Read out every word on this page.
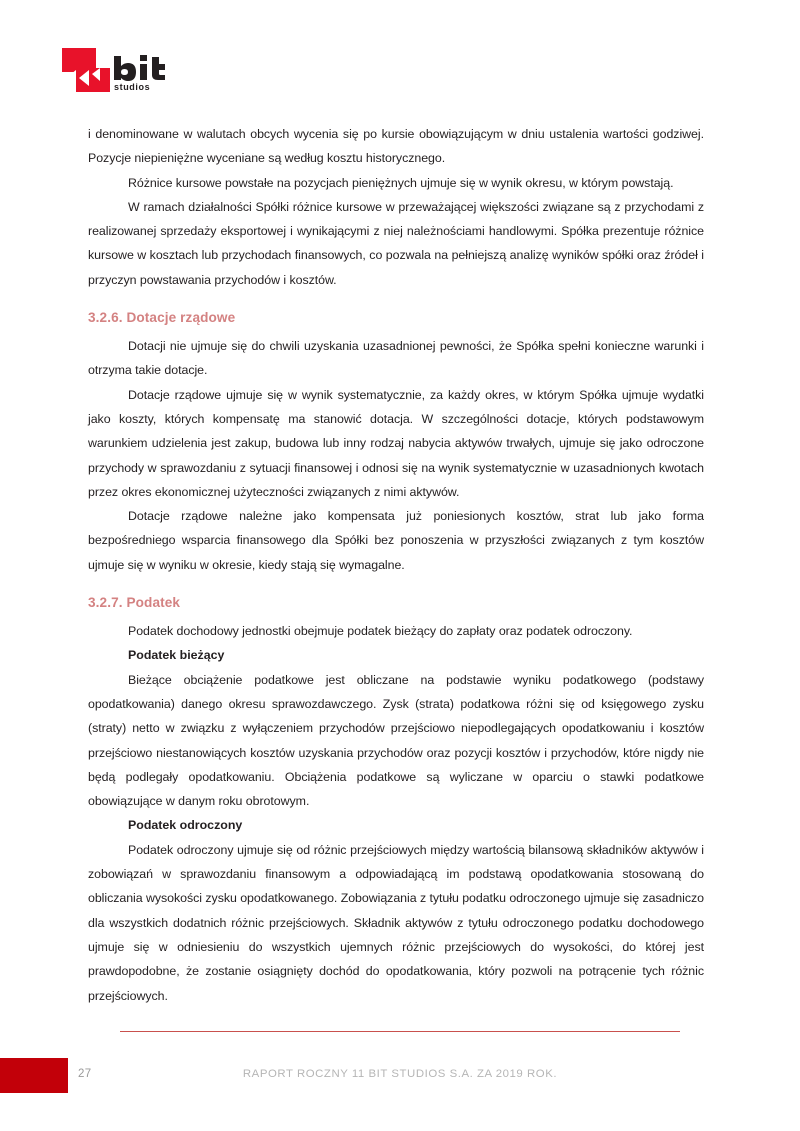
studios

i denominowane w walutach obcych wycenia się po kursie obowiązującym w dniu ustalenia wartości godziwej. Pozycje niepieniężne wyceniane są według kosztu historycznego.

Różnice kursowe powstałe na pozycjach pieniężnych ujmuje się w wynik okresu, w którym powstają.

W ramach działalności Spółki różnice kursowe w przeważającej większości związane są z przychodami z realizowanej sprzedaży eksportowej i wynikającymi z niej należnościami handlowymi. Spółka prezentuje różnice kursowe w kosztach lub przychodach finansowych, co pozwala na pełniejszą analizę wyników spółki oraz źródeł i przyczyn powstawania przychodów i kosztów.

3.2.6. Dotacje rządowe

Dotacji nie ujmuje się do chwili uzyskania uzasadnionej pewności, że Spółka spełni konieczne warunki i otrzyma takie dotacje.

Dotacje rządowe ujmuje się w wynik systematycznie, za każdy okres, w którym Spółka ujmuje wydatki jako koszty, których kompensatę ma stanowić dotacja. W szczególności dotacje, których podstawowym warunkiem udzielenia jest zakup, budowa lub inny rodzaj nabycia aktywów trwałych, ujmuje się jako odroczone przychody w sprawozdaniu z sytuacji finansowej i odnosi się na wynik systematycznie w uzasadnionych kwotach przez okres ekonomicznej użyteczności związanych z nimi aktywów.

Dotacje rządowe należne jako kompensata już poniesionych kosztów, strat lub jako forma bezpośredniego wsparcia finansowego dla Spółki bez ponoszenia w przyszłości związanych z tym kosztów ujmuje się w wyniku w okresie, kiedy stają się wymagalne.

3.2.7. Podatek

Podatek dochodowy jednostki obejmuje podatek bieżący do zapłaty oraz podatek odroczony.

Podatek bieżący

Bieżące obciążenie podatkowe jest obliczane na podstawie wyniku podatkowego (podstawy opodatkowania) danego okresu sprawozdawczego. Zysk (strata) podatkowa różni się od księgowego zysku (straty) netto w związku z wyłączeniem przychodów przejściowo niepodlegających opodatkowaniu i kosztów przejściowo niestanowiących kosztów uzyskania przychodów oraz pozycji kosztów i przychodów, które nigdy nie będą podlegały opodatkowaniu. Obciążenia podatkowe są wyliczane w oparciu o stawki podatkowe obowiązujące w danym roku obrotowym.

Podatek odroczony

Podatek odroczony ujmuje się od różnic przejściowych między wartością bilansową składników aktywów i zobowiązań w sprawozdaniu finansowym a odpowiadającą im podstawą opodatkowania stosowaną do obliczania wysokości zysku opodatkowanego. Zobowiązania z tytułu podatku odroczonego ujmuje się zasadniczo dla wszystkich dodatnich różnic przejściowych. Składnik aktywów z tytułu odroczonego podatku dochodowego ujmuje się w odniesieniu do wszystkich ujemnych różnic przejściowych do wysokości, do której jest prawdopodobne, że zostanie osiągnięty dochód do opodatkowania, który pozwoli na potrącenie tych różnic przejściowych.

27	RAPORT ROCZNY 11 BIT STUDIOS S.A. ZA 2019 ROK.
